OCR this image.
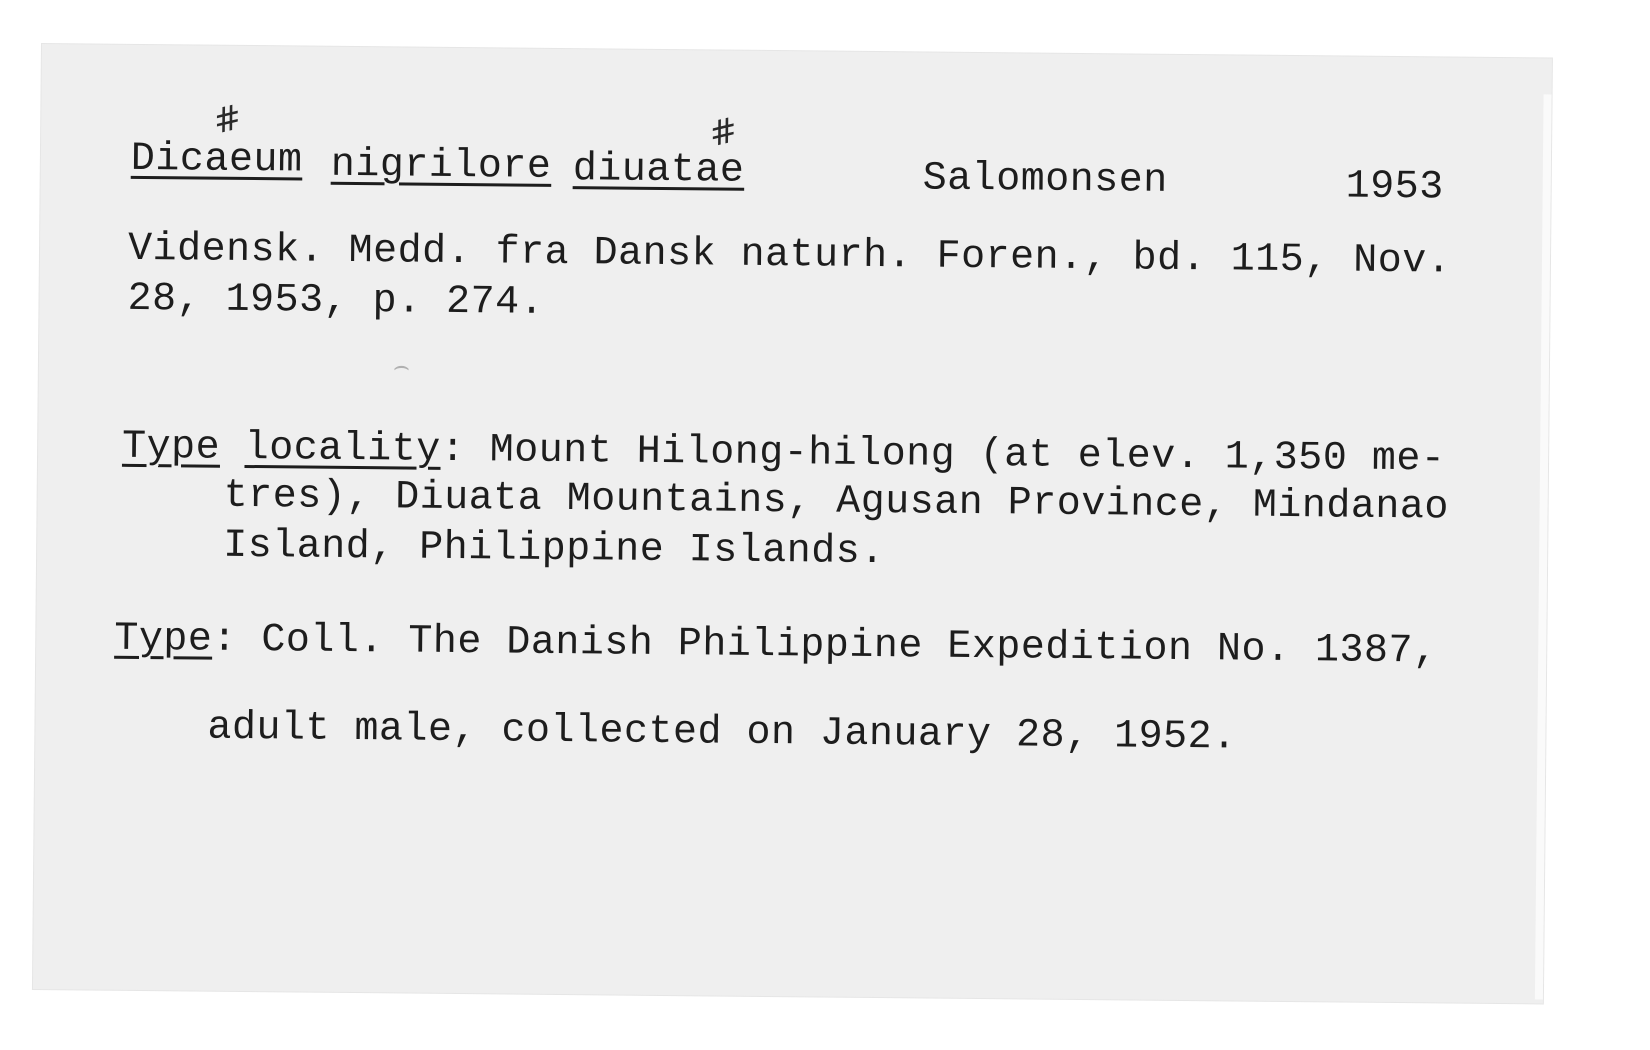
Dicaeum nigrilore diuatae
#	#
Salomonsen	1953
Vidensk. Medd. fra Dansk naturh. Foren., bd. 115, Nov.
28, 1953, p. 274.
Type locality: Mount Hilong-hilong (at elev. 1,350 me-
tres), Diuata Mountains, Agusan Province, Mindanao
Island, Philippine Islands.
Type: Coll. The Danish Philippine Expedition No. 1387,
adult male, collected on January 28, 1952.
⌢
